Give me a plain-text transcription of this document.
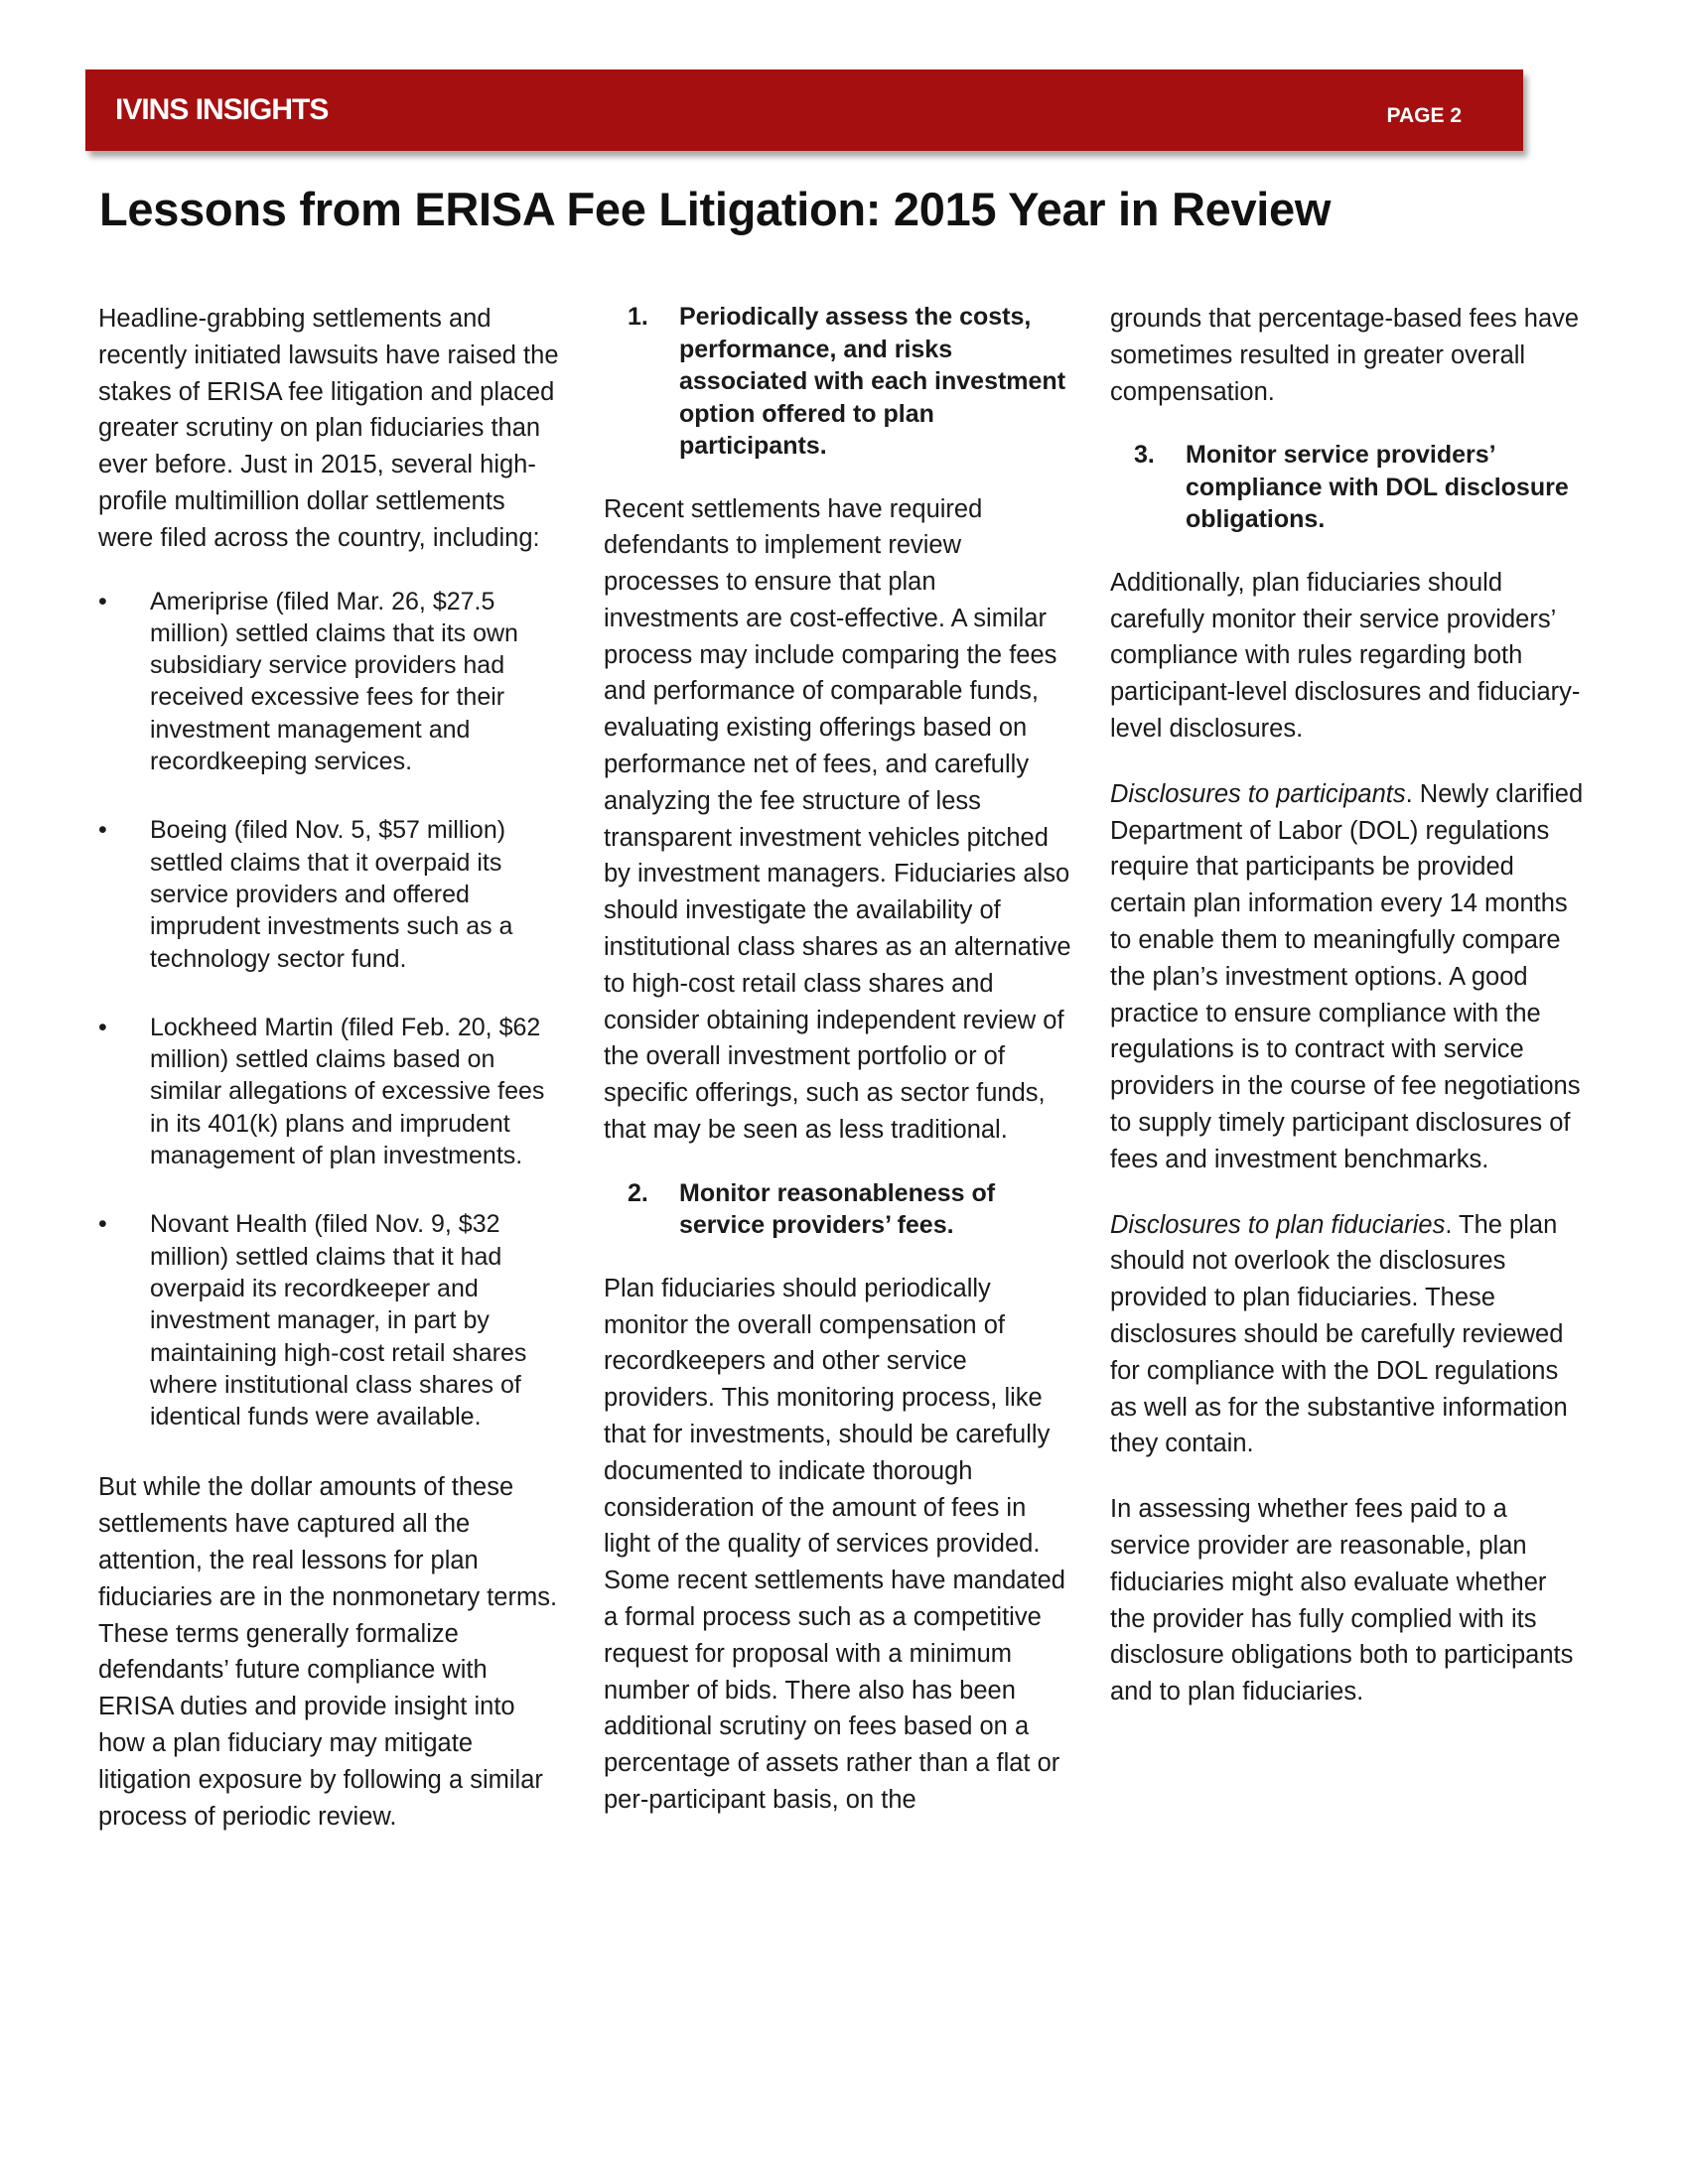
IVINS INSIGHTS	PAGE 2
Lessons from ERISA Fee Litigation: 2015 Year in Review

Headline-grabbing settlements and recently initiated lawsuits have raised the stakes of ERISA fee litigation and placed greater scrutiny on plan fiduciaries than ever before. Just in 2015, several high-profile multimillion dollar settlements were filed across the country, including:

• Ameriprise (filed Mar. 26, $27.5 million) settled claims that its own subsidiary service providers had received excessive fees for their investment management and recordkeeping services.
• Boeing (filed Nov. 5, $57 million) settled claims that it overpaid its service providers and offered imprudent investments such as a technology sector fund.
• Lockheed Martin (filed Feb. 20, $62 million) settled claims based on similar allegations of excessive fees in its 401(k) plans and imprudent management of plan investments.
• Novant Health (filed Nov. 9, $32 million) settled claims that it had overpaid its recordkeeper and investment manager, in part by maintaining high-cost retail shares where institutional class shares of identical funds were available.

But while the dollar amounts of these settlements have captured all the attention, the real lessons for plan fiduciaries are in the nonmonetary terms. These terms generally formalize defendants’ future compliance with ERISA duties and provide insight into how a plan fiduciary may mitigate litigation exposure by following a similar process of periodic review.

1. Periodically assess the costs, performance, and risks associated with each investment option offered to plan participants.

Recent settlements have required defendants to implement review processes to ensure that plan investments are cost-effective. A similar process may include comparing the fees and performance of comparable funds, evaluating existing offerings based on performance net of fees, and carefully analyzing the fee structure of less transparent investment vehicles pitched by investment managers. Fiduciaries also should investigate the availability of institutional class shares as an alternative to high-cost retail class shares and consider obtaining independent review of the overall investment portfolio or of specific offerings, such as sector funds, that may be seen as less traditional.

2. Monitor reasonableness of service providers’ fees.

Plan fiduciaries should periodically monitor the overall compensation of recordkeepers and other service providers. This monitoring process, like that for investments, should be carefully documented to indicate thorough consideration of the amount of fees in light of the quality of services provided. Some recent settlements have mandated a formal process such as a competitive request for proposal with a minimum number of bids. There also has been additional scrutiny on fees based on a percentage of assets rather than a flat or per-participant basis, on the

grounds that percentage-based fees have sometimes resulted in greater overall compensation.

3. Monitor service providers’ compliance with DOL disclosure obligations.

Additionally, plan fiduciaries should carefully monitor their service providers’ compliance with rules regarding both participant-level disclosures and fiduciary-level disclosures.

Disclosures to participants. Newly clarified Department of Labor (DOL) regulations require that participants be provided certain plan information every 14 months to enable them to meaningfully compare the plan’s investment options. A good practice to ensure compliance with the regulations is to contract with service providers in the course of fee negotiations to supply timely participant disclosures of fees and investment benchmarks.

Disclosures to plan fiduciaries. The plan should not overlook the disclosures provided to plan fiduciaries. These disclosures should be carefully reviewed for compliance with the DOL regulations as well as for the substantive information they contain.

In assessing whether fees paid to a service provider are reasonable, plan fiduciaries might also evaluate whether the provider has fully complied with its disclosure obligations both to participants and to plan fiduciaries.
